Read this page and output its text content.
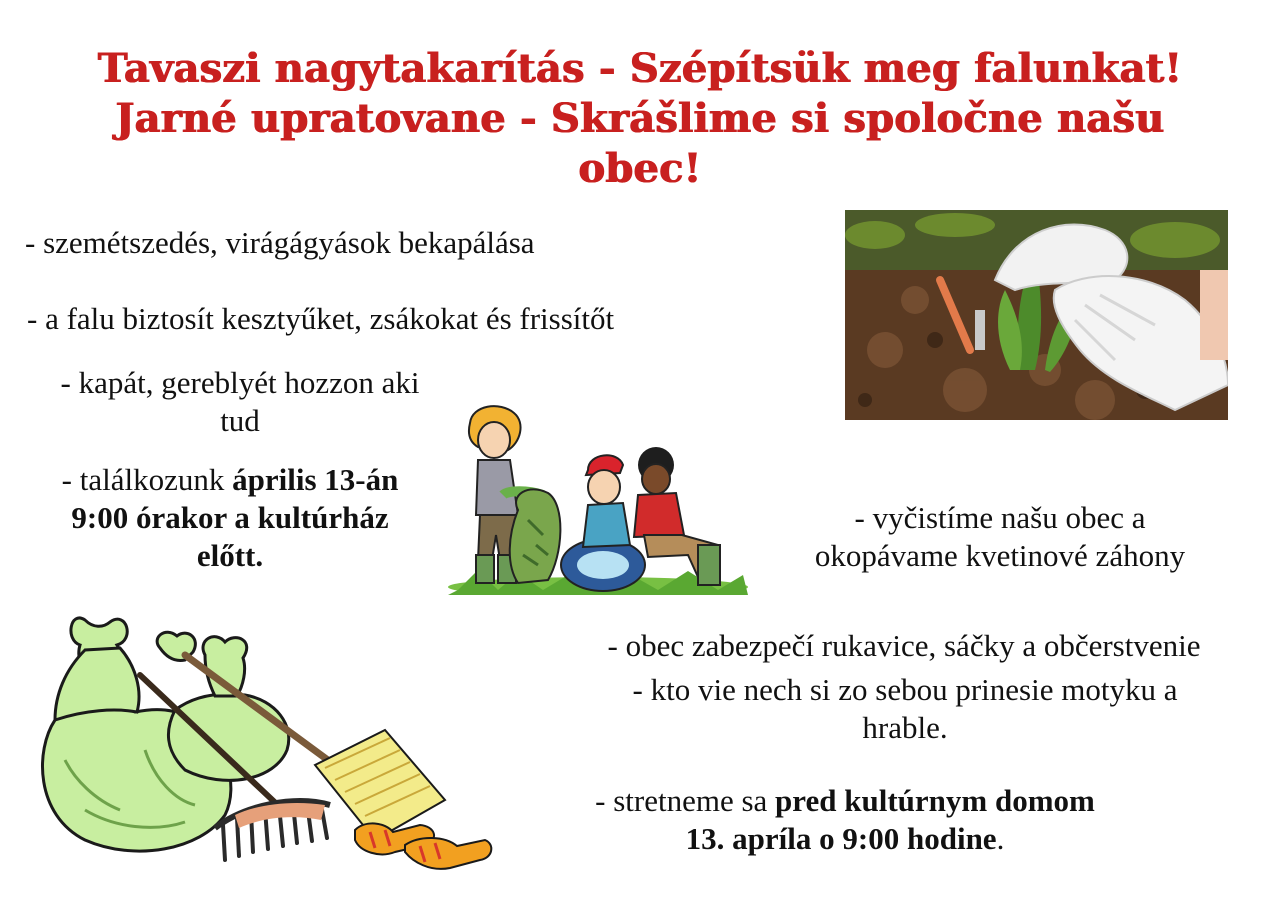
Tavaszi nagytakarítás - Szépítsük meg falunkat!
Jarné upratovane - Skrášlime si spoločne našu
obec!
- szemétszedés, virágágyások bekapálása
- a falu biztosít kesztyűket, zsákokat és frissítőt
- kapát, gereblyét hozzon aki
tud
- találkozunk április 13-án
9:00 órakor a kultúrház
előtt.
- vyčistíme našu obec a
okopávame kvetinové záhony
- obec zabezpečí rukavice, sáčky a občerstvenie
- kto vie nech si zo sebou prinesie motyku a
hrable.
- stretneme sa pred kultúrnym domom
13. apríla o 9:00 hodine.
